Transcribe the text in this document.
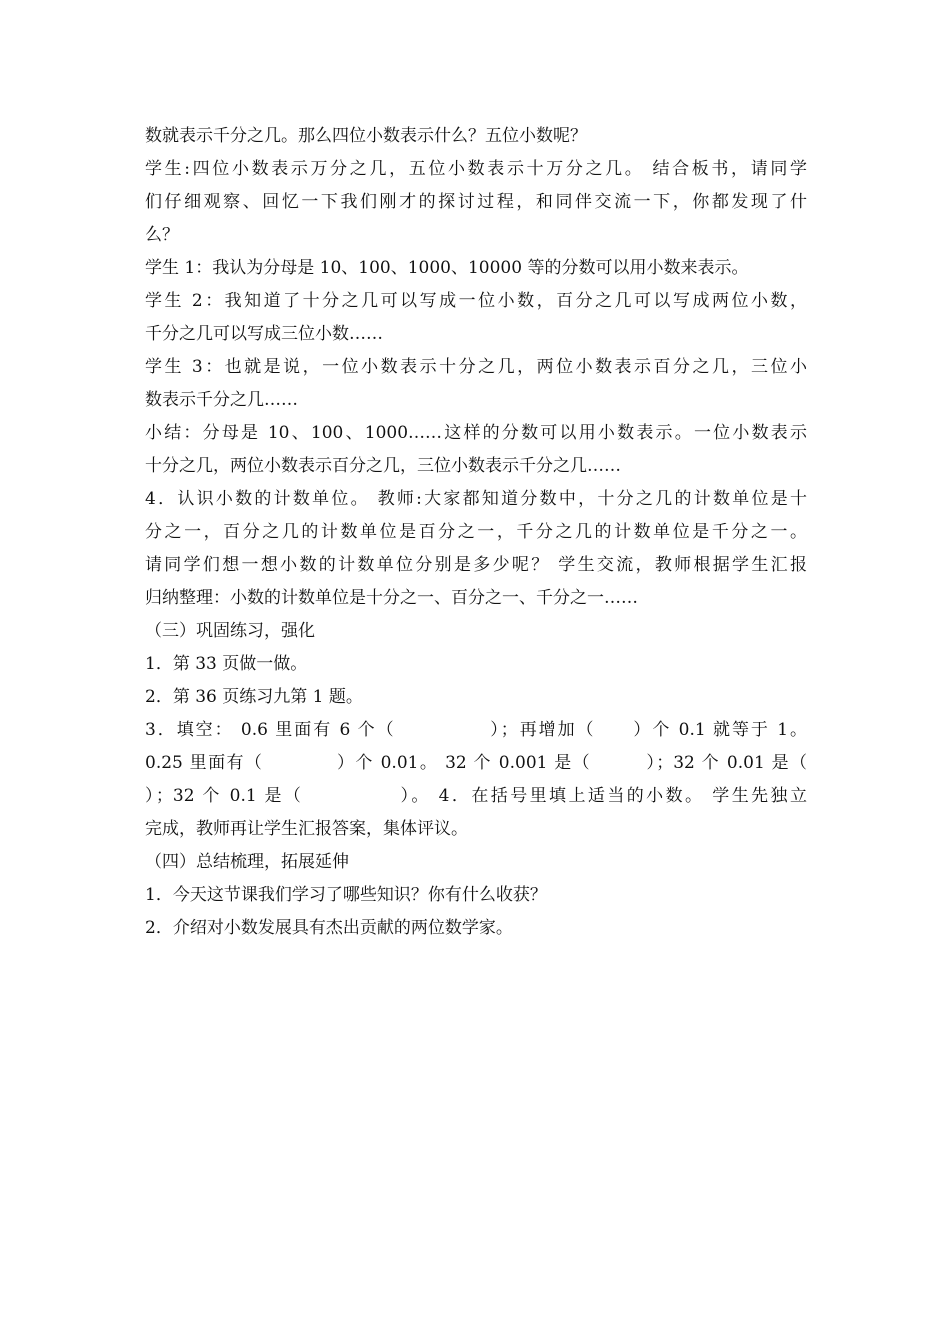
数就表示千分之几。那么四位小数表示什么？五位小数呢？
学生:四位小数表示万分之几，五位小数表示十万分之几。 结合板书，请同学
们仔细观察、回忆一下我们刚才的探讨过程，和同伴交流一下，你都发现了什
么？
学生 1：我认为分母是 10、100、1000、10000 等的分数可以用小数来表示。
学生 2：我知道了十分之几可以写成一位小数，百分之几可以写成两位小数，
千分之几可以写成三位小数……
学生 3：也就是说，一位小数表示十分之几，两位小数表示百分之几，三位小
数表示千分之几……
小结：分母是 10、100、1000……这样的分数可以用小数表示。一位小数表示
十分之几，两位小数表示百分之几，三位小数表示千分之几……
4．认识小数的计数单位。 教师:大家都知道分数中，十分之几的计数单位是十
分之一，百分之几的计数单位是百分之一，千分之几的计数单位是千分之一。
请同学们想一想小数的计数单位分别是多少呢？ 学生交流，教师根据学生汇报
归纳整理：小数的计数单位是十分之一、百分之一、千分之一……
（三）巩固练习，强化
1．第 33 页做一做。
2．第 36 页练习九第 1 题。
3．填空： 0.6 里面有 6 个（　　　　　）；再增加（　　）个 0.1 就等于 1。
0.25 里面有（　　　　）个 0.01。 32 个 0.001 是（　　　）；32 个 0.01 是（
）；32 个 0.1 是（　　　　　）。 4．在括号里填上适当的小数。 学生先独立
完成，教师再让学生汇报答案，集体评议。
（四）总结梳理，拓展延伸
1．今天这节课我们学习了哪些知识？你有什么收获？
2．介绍对小数发展具有杰出贡献的两位数学家。
